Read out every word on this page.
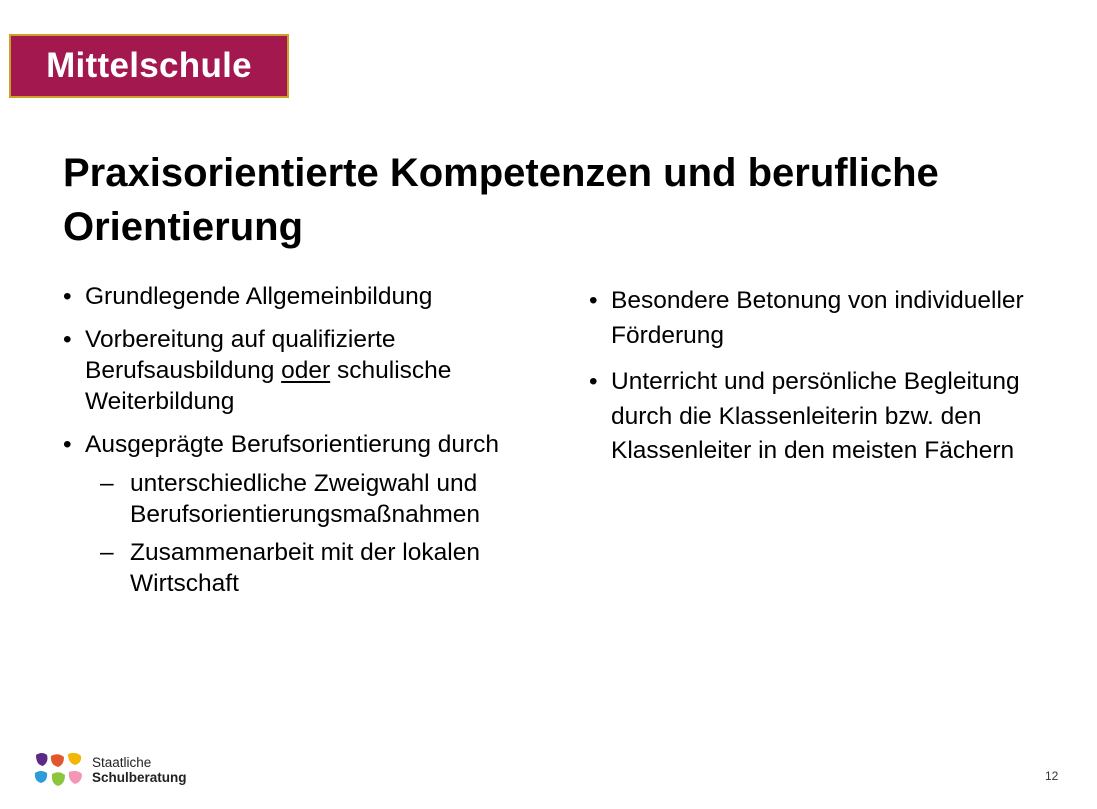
Mittelschule
Praxisorientierte Kompetenzen und berufliche Orientierung
• Grundlegende Allgemeinbildung
• Vorbereitung auf qualifizierte Berufsausbildung oder schulische Weiterbildung
• Ausgeprägte Berufsorientierung durch
– unterschiedliche Zweigwahl und Berufsorientierungsmaßnahmen
– Zusammenarbeit mit der lokalen Wirtschaft
• Besondere Betonung von individueller Förderung
• Unterricht und persönliche Begleitung durch die Klassenleiterin bzw. den Klassenleiter in den meisten Fächern
Staatliche
Schulberatung	12
